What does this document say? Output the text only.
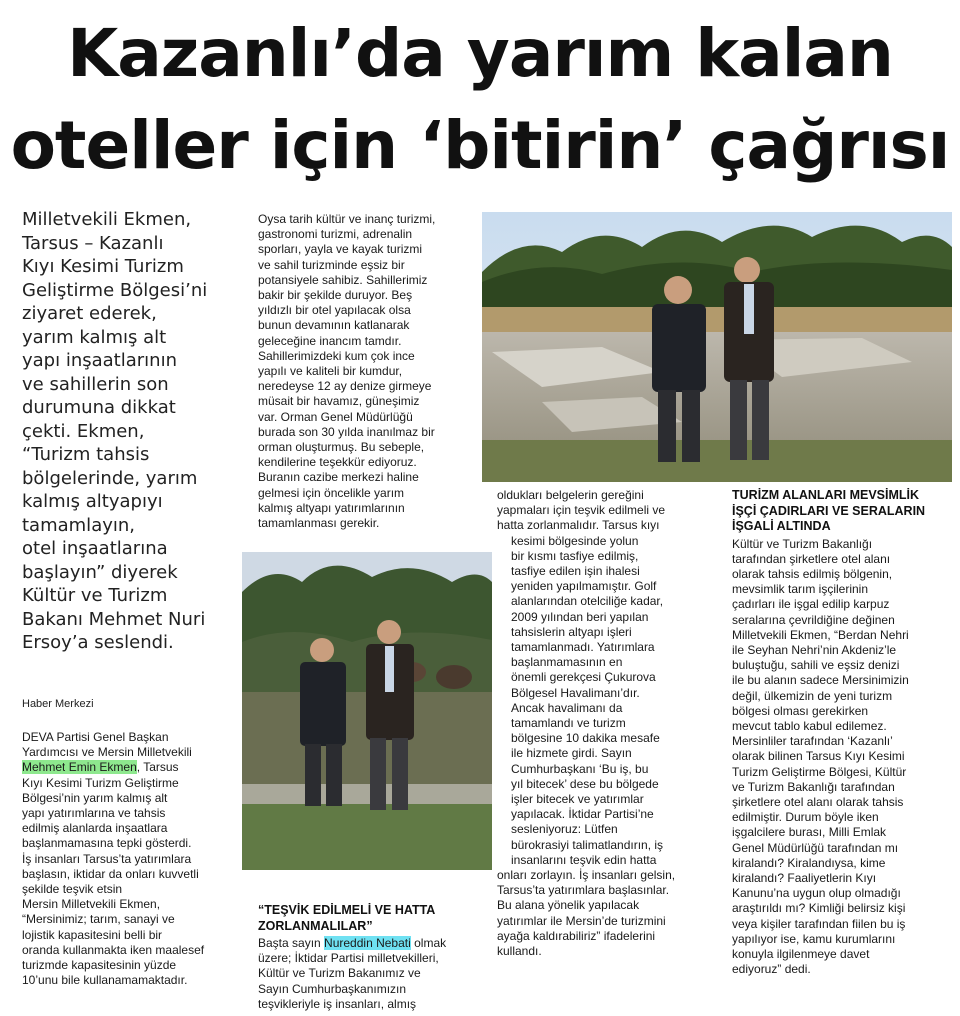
Kazanlı’da yarım kalan
oteller için ‘bitirin’ çağrısı
Milletvekili Ekmen,
Tarsus – Kazanlı
Kıyı Kesimi Turizm
Geliştirme Bölgesi’ni
ziyaret ederek,
yarım kalmış alt
yapı inşaatlarının
ve sahillerin son
durumuna dikkat
çekti. Ekmen,
“Turizm tahsis
bölgelerinde, yarım
kalmış altyapıyı
tamamlayın,
otel inşaatlarına
başlayın” diyerek
Kültür ve Turizm
Bakanı Mehmet Nuri
Ersoy’a seslendi.
Haber Merkezi
DEVA Partisi Genel Başkan
Yardımcısı ve Mersin Milletvekili
Mehmet Emin Ekmen, Tarsus
Kıyı Kesimi Turizm Geliştirme
Bölgesi’nin yarım kalmış alt
yapı yatırımlarına ve tahsis
edilmiş alanlarda inşaatlara
başlanmamasına tepki gösterdi.
İş insanları Tarsus’ta yatırımlara
başlasın, iktidar da onları kuvvetli
şekilde teşvik etsin
Mersin Milletvekili Ekmen,
“Mersinimiz; tarım, sanayi ve
lojistik kapasitesini belli bir
oranda kullanmakta iken maalesef
turizmde kapasitesinin yüzde
10’unu bile kullanamamaktadır.
Oysa tarih kültür ve inanç turizmi,
gastronomi turizmi, adrenalin
sporları, yayla ve kayak turizmi
ve sahil turizminde eşsiz bir
potansiyele sahibiz. Sahillerimiz
bakir bir şekilde duruyor. Beş
yıldızlı bir otel yapılacak olsa
bunun devamının katlanarak
geleceğine inancım tamdır.
Sahillerimizdeki kum çok ince
yapılı ve kaliteli bir kumdur,
neredeyse 12 ay denize girmeye
müsait bir havamız, güneşimiz
var. Orman Genel Müdürlüğü
burada son 30 yılda inanılmaz bir
orman oluşturmuş. Bu sebeple,
kendilerine teşekkür ediyoruz.
Buranın cazibe merkezi haline
gelmesi için öncelikle yarım
kalmış altyapı yatırımlarının
tamamlanması gerekir.
“TEŞVİK EDİLMELİ VE HATTA
ZORLANMALILAR”
Başta sayın Nureddin Nebati olmak
üzere; İktidar Partisi milletvekilleri,
Kültür ve Turizm Bakanımız ve
Sayın Cumhurbaşkanımızın
teşvikleriyle iş insanları, almış
oldukları belgelerin gereğini
yapmaları için teşvik edilmeli ve
hatta zorlanmalıdır. Tarsus kıyı
kesimi bölgesinde yolun
bir kısmı tasfiye edilmiş,
tasfiye edilen işin ihalesi
yeniden yapılmamıştır. Golf
alanlarından otelciliğe kadar,
2009 yılından beri yapılan
tahsislerin altyapı işleri
tamamlanmadı. Yatırımlara
başlanmamasının en
önemli gerekçesi Çukurova
Bölgesel Havalimanı’dır.
Ancak havalimanı da
tamamlandı ve turizm
bölgesine 10 dakika mesafe
ile hizmete girdi. Sayın
Cumhurbaşkanı ‘Bu iş, bu
yıl bitecek’ dese bu bölgede
işler bitecek ve yatırımlar
yapılacak. İktidar Partisi’ne
sesleniyoruz: Lütfen
bürokrasiyi talimatlandırın, iş
insanlarını teşvik edin hatta
onları zorlayın. İş insanları gelsin,
Tarsus’ta yatırımlara başlasınlar.
Bu alana yönelik yapılacak
yatırımlar ile Mersin’de turizmini
ayağa kaldırabiliriz” ifadelerini
kullandı.
TURİZM ALANLARI MEVSİMLİK
İŞÇİ ÇADIRLARI VE SERALARIN
İŞGALİ ALTINDA
Kültür ve Turizm Bakanlığı
tarafından şirketlere otel alanı
olarak tahsis edilmiş bölgenin,
mevsimlik tarım işçilerinin
çadırları ile işgal edilip karpuz
seralarına çevrildiğine değinen
Milletvekili Ekmen, “Berdan Nehri
ile Seyhan Nehri’nin Akdeniz’le
buluştuğu, sahili ve eşsiz denizi
ile bu alanın sadece Mersinimizin
değil, ülkemizin de yeni turizm
bölgesi olması gerekirken
mevcut tablo kabul edilemez.
Mersinliler tarafından ‘Kazanlı’
olarak bilinen Tarsus Kıyı Kesimi
Turizm Geliştirme Bölgesi, Kültür
ve Turizm Bakanlığı tarafından
şirketlere otel alanı olarak tahsis
edilmiştir. Durum böyle iken
işgalcilere burası, Milli Emlak
Genel Müdürlüğü tarafından mı
kiralandı? Kiralandıysa, kime
kiralandı? Faaliyetlerin Kıyı
Kanunu’na uygun olup olmadığı
araştırıldı mı? Kimliği belirsiz kişi
veya kişiler tarafından fiilen bu iş
yapılıyor ise, kamu kurumlarını
konuyla ilgilenmeye davet
ediyoruz” dedi.
